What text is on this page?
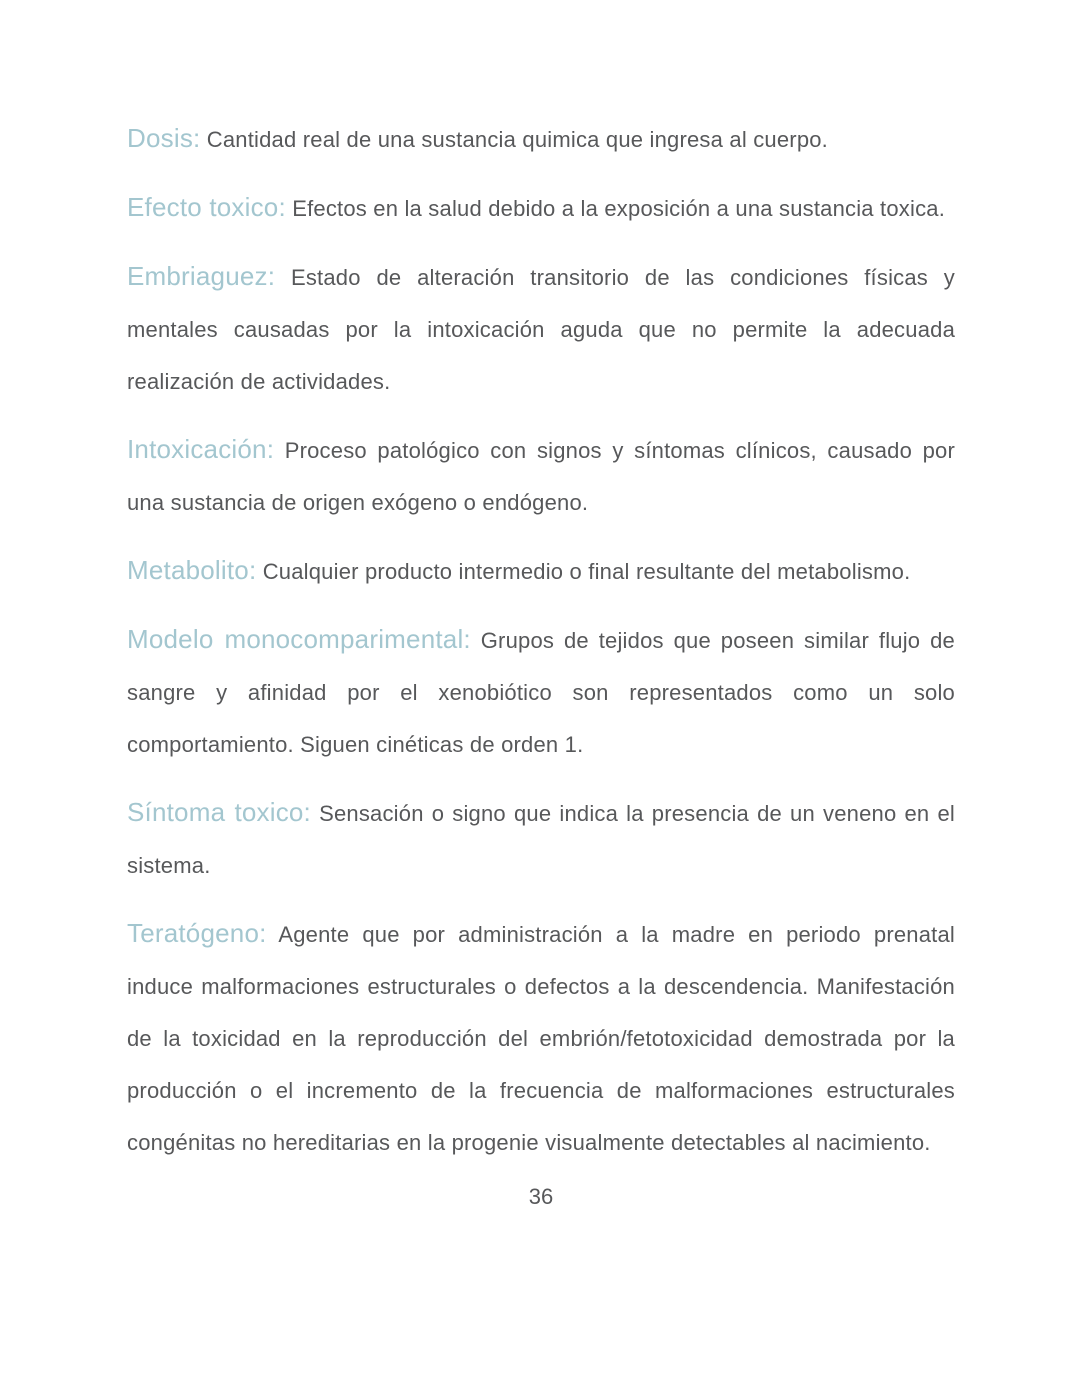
Dosis: Cantidad real de una sustancia quimica que ingresa al cuerpo.

Efecto toxico: Efectos en la salud debido a la exposición a una sustancia toxica.

Embriaguez: Estado de alteración transitorio de las condiciones físicas y mentales causadas por la intoxicación aguda que no permite la adecuada realización de actividades.

Intoxicación: Proceso patológico con signos y síntomas clínicos, causado por una sustancia de origen exógeno o endógeno.

Metabolito: Cualquier producto intermedio o final resultante del metabolismo.

Modelo monocomparimental: Grupos de tejidos que poseen similar flujo de sangre y afinidad por el xenobiótico son representados como un solo comportamiento. Siguen cinéticas de orden 1.

Síntoma toxico: Sensación o signo que indica la presencia de un veneno en el sistema.

Teratógeno: Agente que por administración a la madre en periodo prenatal induce malformaciones estructurales o defectos a la descendencia. Manifestación de la toxicidad en la reproducción del embrión/fetotoxicidad demostrada por la producción o el incremento de la frecuencia de malformaciones estructurales congénitas no hereditarias en la progenie visualmente detectables al nacimiento.

36
